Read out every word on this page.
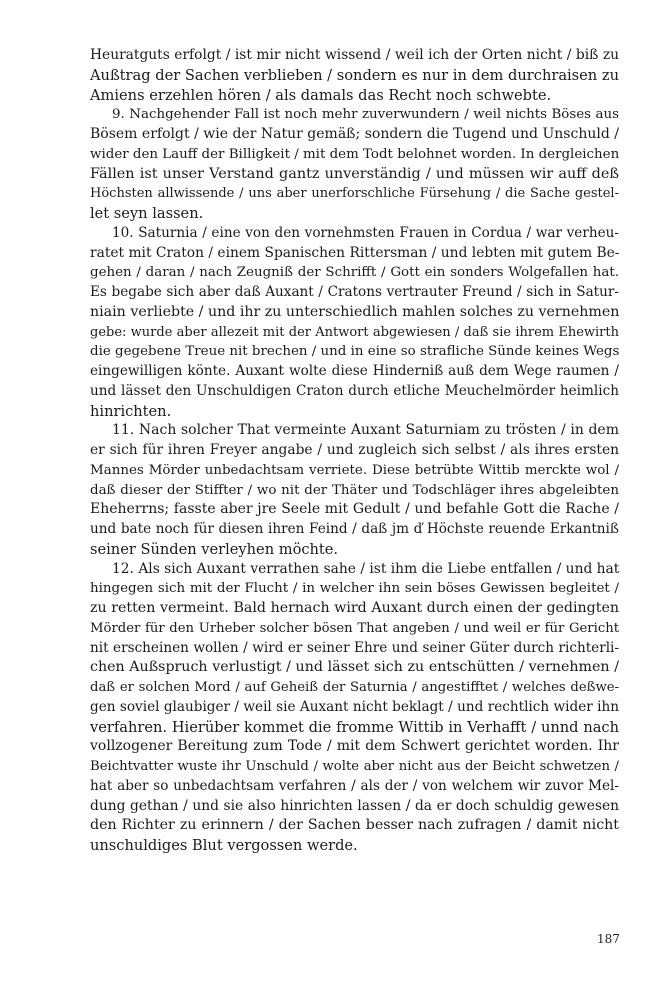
Heuratguts erfolgt / ist mir nicht wissend / weil ich der Orten nicht / biß zu
Außtrag der Sachen verblieben / sondern es nur in dem durchraisen zu
Amiens erzehlen hören / als damals das Recht noch schwebte.
9. Nachgehender Fall ist noch mehr zuverwundern / weil nichts Böses aus
Bösem erfolgt / wie der Natur gemäß; sondern die Tugend und Unschuld /
wider den Lauff der Billigkeit / mit dem Todt belohnet worden. In dergleichen
Fällen ist unser Verstand gantz unverständig / und müssen wir auff deß
Höchsten allwissende / uns aber unerforschliche Fürsehung / die Sache gestel-
let seyn lassen.
10. Saturnia / eine von den vornehmsten Frauen in Cordua / war verheu-
ratet mit Craton / einem Spanischen Rittersman / und lebten mit gutem Be-
gehen / daran / nach Zeugniß der Schrifft / Gott ein sonders Wolgefallen hat.
Es begabe sich aber daß Auxant / Cratons vertrauter Freund / sich in Satur-
niain verliebte / und ihr zu unterschiedlich mahlen solches zu vernehmen
gebe: wurde aber allezeit mit der Antwort abgewiesen / daß sie ihrem Ehewirth
die gegebene Treue nit brechen / und in eine so strafliche Sünde keines Wegs
eingewilligen könte. Auxant wolte diese Hinderniß auß dem Wege raumen /
und lässet den Unschuldigen Craton durch etliche Meuchelmörder heimlich
hinrichten.
11. Nach solcher That vermeinte Auxant Saturniam zu trösten / in dem
er sich für ihren Freyer angabe / und zugleich sich selbst / als ihres ersten
Mannes Mörder unbedachtsam verriete. Diese betrübte Wittib merckte wol /
daß dieser der Stiffter / wo nit der Thäter und Todschläger ihres abgeleibten
Eheherrns; fasste aber jre Seele mit Gedult / und befahle Gott die Rache /
und bate noch für diesen ihren Feind / daß jm ď Höchste reuende Erkantniß
seiner Sünden verleyhen möchte.
12. Als sich Auxant verrathen sahe / ist ihm die Liebe entfallen / und hat
hingegen sich mit der Flucht / in welcher ihn sein böses Gewissen begleitet /
zu retten vermeint. Bald hernach wird Auxant durch einen der gedingten
Mörder für den Urheber solcher bösen That angeben / und weil er für Gericht
nit erscheinen wollen / wird er seiner Ehre und seiner Güter durch richterli-
chen Außspruch verlustigt / und lässet sich zu entschütten / vernehmen /
daß er solchen Mord / auf Geheiß der Saturnia / angestifftet / welches deßwe-
gen soviel glaubiger / weil sie Auxant nicht beklagt / und rechtlich wider ihn
verfahren. Hierüber kommet die fromme Wittib in Verhafft / unnd nach
vollzogener Bereitung zum Tode / mit dem Schwert gerichtet worden. Ihr
Beichtvatter wuste ihr Unschuld / wolte aber nicht aus der Beicht schwetzen /
hat aber so unbedachtsam verfahren / als der / von welchem wir zuvor Mel-
dung gethan / und sie also hinrichten lassen / da er doch schuldig gewesen
den Richter zu erinnern / der Sachen besser nach zufragen / damit nicht
unschuldiges Blut vergossen werde.
187
